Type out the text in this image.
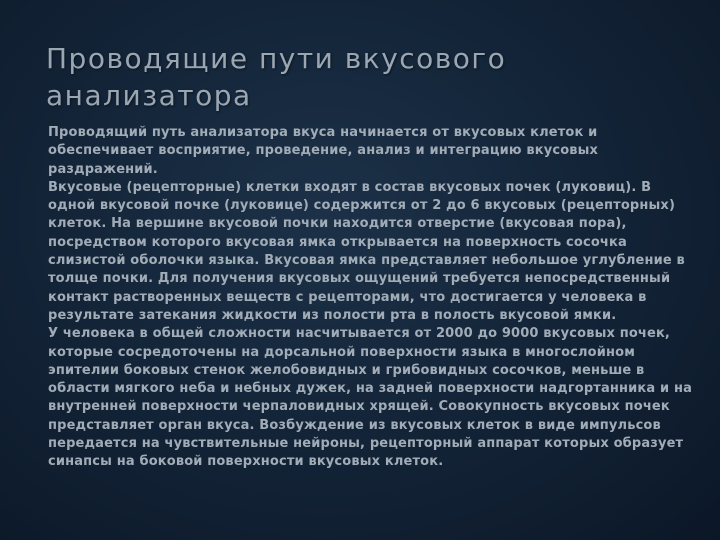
Проводящие пути вкусового анализатора

Проводящий путь анализатора вкуса начинается от вкусовых клеток и обеспечивает восприятие, проведение, анализ и интеграцию вкусовых раздражений.

Вкусовые (рецепторные) клетки входят в состав вкусовых почек (луковиц). В одной вкусовой почке (луковице) содержится от 2 до 6 вкусовых (рецепторных) клеток. На вершине вкусовой почки находится отверстие (вкусовая пора), посредством которого вкусовая ямка открывается на поверхность сосочка слизистой оболочки языка. Вкусовая ямка представляет небольшое углубление в толще почки. Для получения вкусовых ощущений требуется непосредственный контакт растворенных веществ с рецепторами, что достигается у человека в результате затекания жидкости из полости рта в полость вкусовой ямки.

У человека в общей сложности насчитывается от 2000 до 9000 вкусовых почек, которые сосредоточены на дорсальной поверхности языка в многослойном эпителии боковых стенок желобовидных и грибовидных сосочков, меньше в области мягкого неба и небных дужек, на задней поверхности надгортанника и на внутренней поверхности черпаловидных хрящей. Совокупность вкусовых почек представляет орган вкуса. Возбуждение из вкусовых клеток в виде импульсов передается на чувствительные нейроны, рецепторный аппарат которых образует синапсы на боковой поверхности вкусовых клеток.
